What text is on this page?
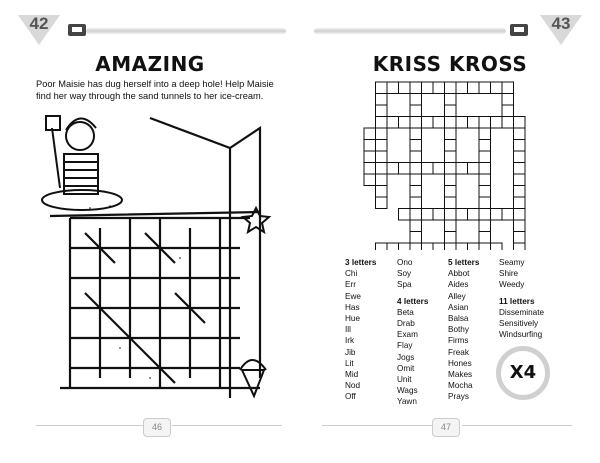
42
AMAZING
Poor Maisie has dug herself into a deep hole! Help Maisie find her way through the sand tunnels to her ice-cream.
46
43
KRISS KROSS
3 letters
Chi
Err
Ewe
Has
Hue
Ill
Irk
Jib
Lit
Mid
Nod
Off
Ono
Soy
Spa
4 letters
Beta
Drab
Exam
Flay
Jogs
Omit
Unit
Wags
Yawn
5 letters
Abbot
Aides
Alley
Asian
Balsa
Bothy
Firms
Freak
Hones
Makes
Mocha
Prays
Seamy
Shire
Weedy
11 letters
Disseminate
Sensitively
Windsurfing
X4
47
